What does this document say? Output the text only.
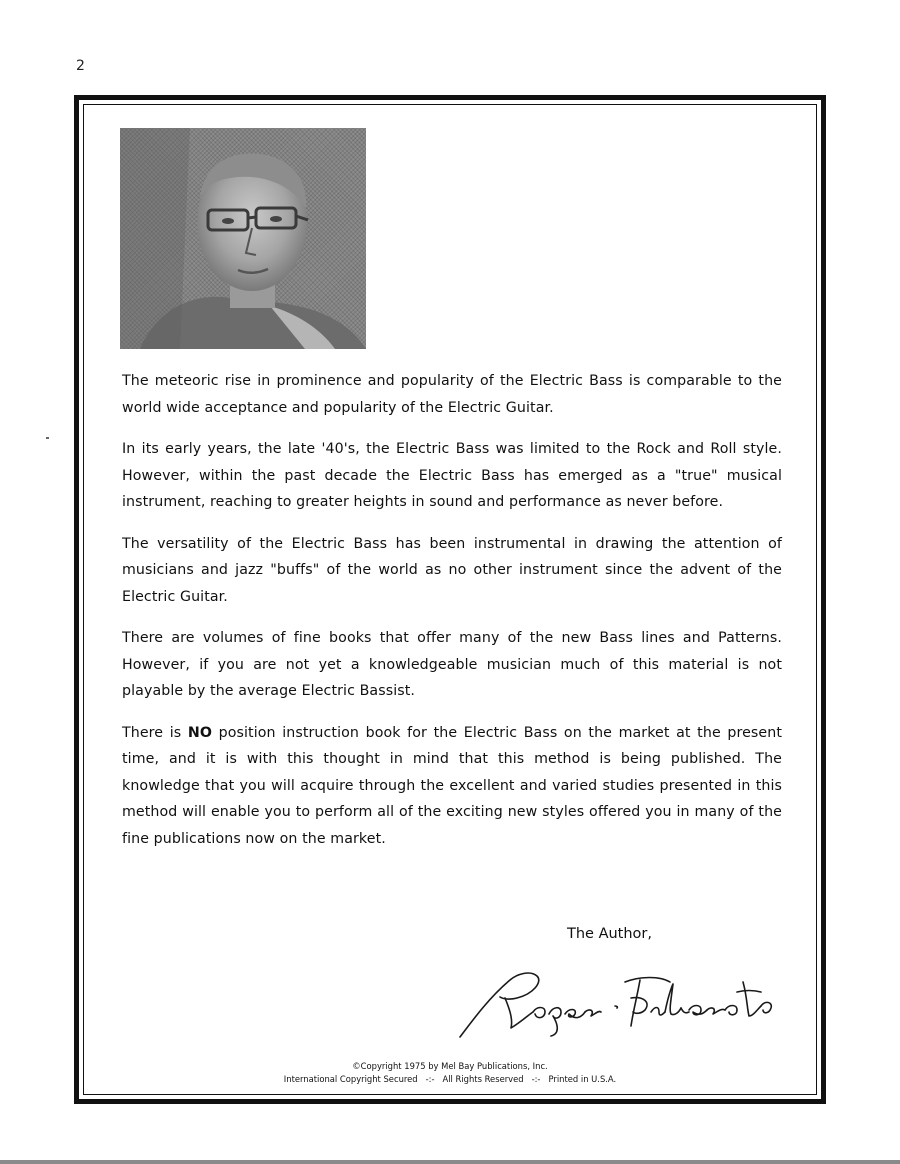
2

The meteoric rise in prominence and popularity of the Electric Bass is comparable to the world wide acceptance and popularity of the Electric Guitar.

In its early years, the late '40's, the Electric Bass was limited to the Rock and Roll style. However, within the past decade the Electric Bass has emerged as a "true" musical instrument, reaching to greater heights in sound and performance as never before.

The versatility of the Electric Bass has been instrumental in drawing the attention of musicians and jazz "buffs" of the world as no other instrument since the advent of the Electric Guitar.

There are volumes of fine books that offer many of the new Bass lines and Patterns. However, if you are not yet a knowledgeable musician much of this material is not playable by the average Electric Bassist.

There is NO position instruction book for the Electric Bass on the market at the present time, and it is with this thought in mind that this method is being published. The knowledge that you will acquire through the excellent and varied studies presented in this method will enable you to perform all of the exciting new styles offered you in many of the fine publications now on the market.

The Author,
©Copyright 1975 by Mel Bay Publications, Inc.
International Copyright Secured -:- All Rights Reserved -:- Printed in U.S.A.
